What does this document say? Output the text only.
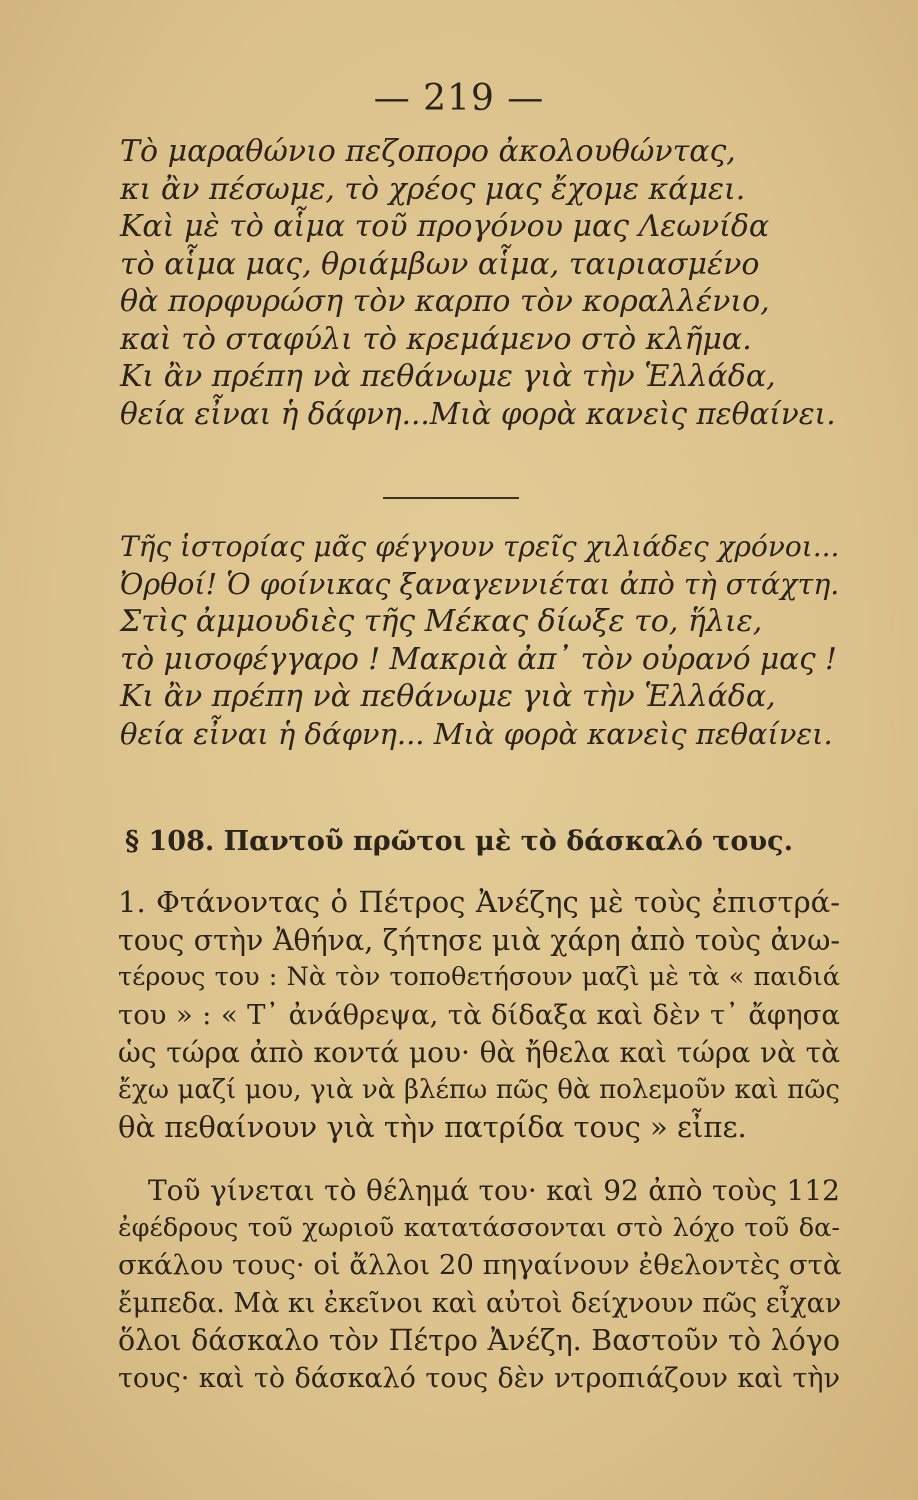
— 219 —
Τὸ μαραθώνιο πεζοπορο ἀκολουθώντας,
κι ἂν πέσωμε, τὸ χρέος μας ἔχομε κάμει.
Καὶ μὲ τὸ αἷμα τοῦ προγόνου μας Λεωνίδα
τὸ αἷμα μας, θριάμβων αἷμα, ταιριασμένο
θὰ πορφυρώση τὸν καρπο τὸν κοραλλένιο,
καὶ τὸ σταφύλι τὸ κρεμάμενο στὸ κλῆμα.
Κι ἂν πρέπη νὰ πεθάνωμε γιὰ τὴν Ἑλλάδα,
θεία εἶναι ἡ δάφνη...Μιὰ φορὰ κανεὶς πεθαίνει.
Τῆς ἱστορίας μᾶς φέγγουν τρεῖς χιλιάδες χρόνοι...
Ὀρθοί! Ὁ φοίνικας ξαναγεννιέται ἀπὸ τὴ στάχτη.
Στὶς ἀμμουδιὲς τῆς Μέκας δίωξε το, ἥλιε,
τὸ μισοφέγγαρο ! Μακριὰ ἀπ᾿ τὸν οὐρανό μας !
Κι ἂν πρέπη νὰ πεθάνωμε γιὰ τὴν Ἑλλάδα,
θεία εἶναι ἡ δάφνη... Μιὰ φορὰ κανεὶς πεθαίνει.
§ 108. Παντοῦ πρῶτοι μὲ τὸ δάσκαλό τους.
1. Φτάνοντας ὁ Πέτρος Ἀνέζης μὲ τοὺς ἐπιστρά-
τους στὴν Ἀθήνα, ζήτησε μιὰ χάρη ἀπὸ τοὺς ἀνω-
τέρους του : Νὰ τὸν τοποθετήσουν μαζὶ μὲ τὰ « παιδιά
του » : « Τ᾿ ἀνάθρεψα, τὰ δίδαξα καὶ δὲν τ᾿ ἄφησα
ὡς τώρα ἀπὸ κοντά μου· θὰ ἤθελα καὶ τώρα νὰ τὰ
ἔχω μαζί μου, γιὰ νὰ βλέπω πῶς θὰ πολεμοῦν καὶ πῶς
θὰ πεθαίνουν γιὰ τὴν πατρίδα τους » εἶπε.
Τοῦ γίνεται τὸ θέλημά του· καὶ 92 ἀπὸ τοὺς 112
ἐφέδρους τοῦ χωριοῦ κατατάσσονται στὸ λόχο τοῦ δα-
σκάλου τους· οἱ ἄλλοι 20 πηγαίνουν ἐθελοντὲς στὰ
ἔμπεδα. Μὰ κι ἐκεῖνοι καὶ αὐτοὶ δείχνουν πῶς εἶχαν
ὅλοι δάσκαλο τὸν Πέτρο Ἀνέζη. Βαστοῦν τὸ λόγο
τους· καὶ τὸ δάσκαλό τους δὲν ντροπιάζουν καὶ τὴν
